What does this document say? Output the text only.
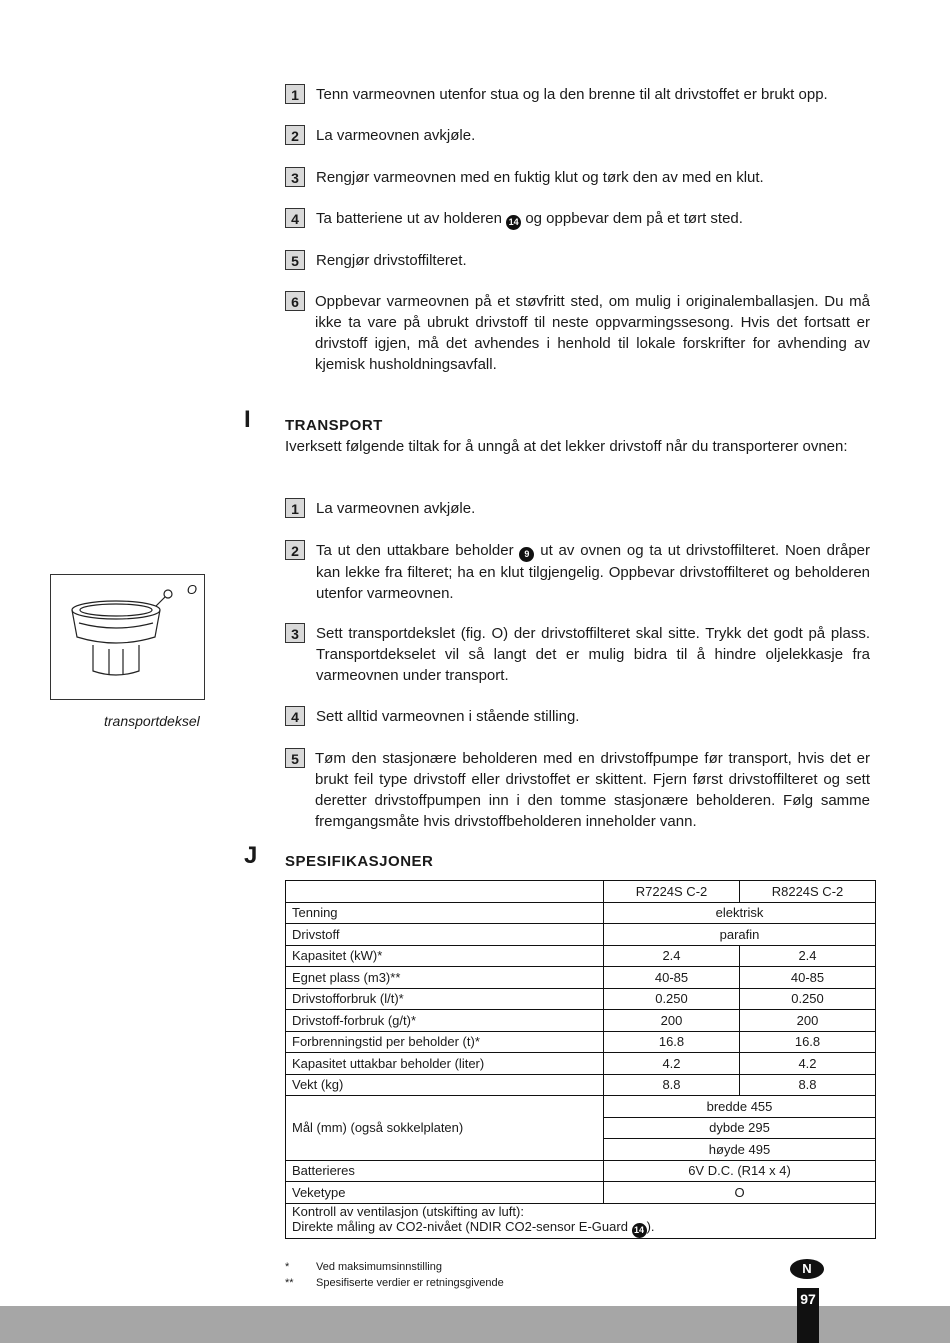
1	Tenn varmeovnen utenfor stua og la den brenne til alt drivstoffet er brukt opp.
2	La varmeovnen avkjøle.
3	Rengjør varmeovnen med en fuktig klut og tørk den av med en klut.
4	Ta batteriene ut av holderen 14 og oppbevar dem på et tørt sted.
5	Rengjør drivstoffilteret.
6	Oppbevar varmeovnen på et støvfritt sted, om mulig i originalemballasjen. Du må ikke ta vare på ubrukt drivstoff til neste oppvarmingssesong. Hvis det fortsatt er drivstoff igjen, må det avhendes i henhold til lokale forskrifter for avhending av kjemisk husholdningsavfall.
I TRANSPORT
Iverksett følgende tiltak for å unngå at det lekker drivstoff når du transporterer ovnen:
1	La varmeovnen avkjøle.
2	Ta ut den uttakbare beholder 9 ut av ovnen og ta ut drivstoffilteret. Noen dråper kan lekke fra filteret; ha en klut tilgjengelig. Oppbevar drivstoffilteret og beholderen utenfor varmeovnen.
3	Sett transportdekslet (fig. O) der drivstoffilteret skal sitte. Trykk det godt på plass. Transportdekselet vil så langt det er mulig bidra til å hindre oljelekkasje fra varmeovnen under transport.
4	Sett alltid varmeovnen i stående stilling.
5	Tøm den stasjonære beholderen med en drivstoffpumpe før transport, hvis det er brukt feil type drivstoff eller drivstoffet er skittent. Fjern først drivstoffilteret og sett deretter drivstoffpumpen inn i den tomme stasjonære beholderen. Følg samme fremgangsmåte hvis drivstoffbeholderen inneholder vann.
O
transportdeksel
J SPESIFIKASJONER
	R7224S C-2	R8224S C-2
Tenning	elektrisk	
Drivstoff	parafin	
Kapasitet (kW)*	2.4	2.4
Egnet plass (m3)**	40-85	40-85
Drivstofforbruk (l/t)*	0.250	0.250
Drivstoff-forbruk (g/t)*	200	200
Forbrenningstid per beholder (t)*	16.8	16.8
Kapasitet uttakbar beholder (liter)	4.2	4.2
Vekt (kg)	8.8	8.8
Mål (mm) (også sokkelplaten)	bredde 455	
	dybde 295	
	høyde 495	
Batterieres	6V D.C. (R14 x 4)	
Veketype	O	
Kontroll av ventilasjon (utskifting av luft):
Direkte måling av CO2-nivået (NDIR CO2-sensor E-Guard 14 ).		
* Ved maksimumsinnstilling
** Spesifiserte verdier er retningsgivende
N
97
